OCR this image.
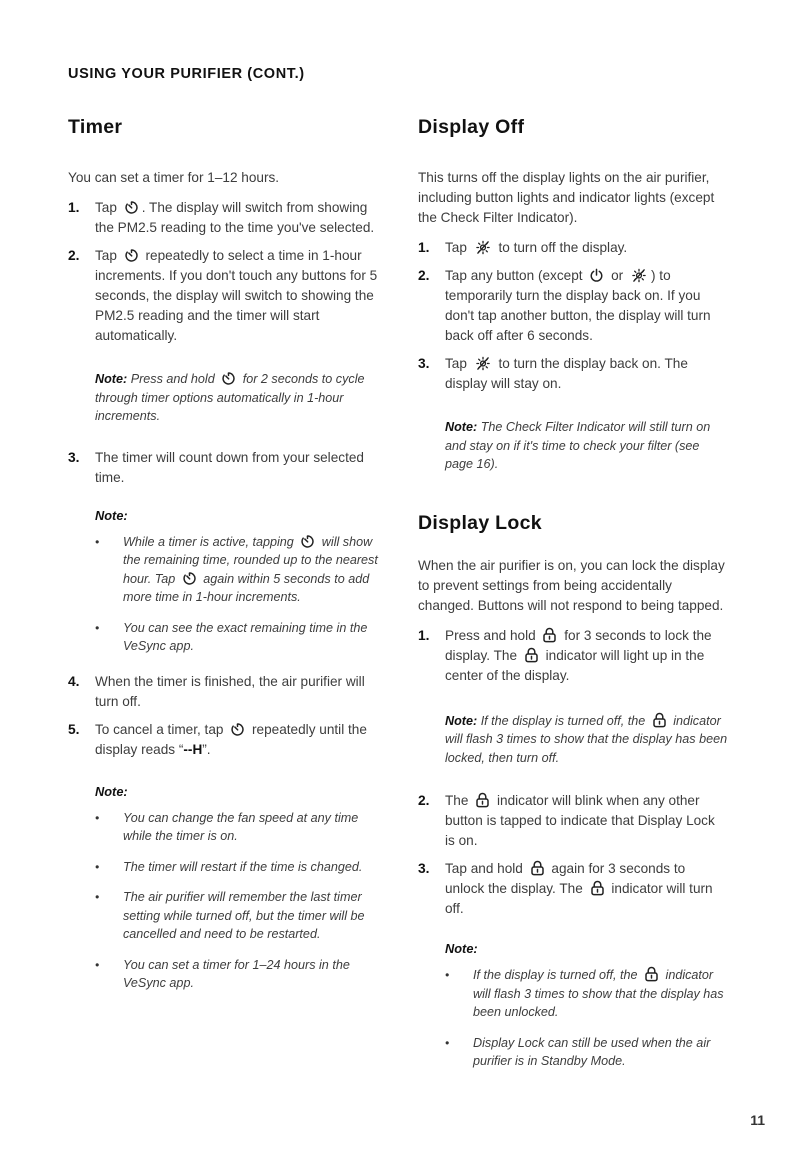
USING YOUR PURIFIER (CONT.)
Timer

You can set a timer for 1–12 hours.

1.	Tap . The display will switch from showing the PM2.5 reading to the time you've selected.
2.	Tap repeatedly to select a time in 1-hour increments. If you don't touch any buttons for 5 seconds, the display will switch to showing the PM2.5 reading and the timer will start automatically.
Note: Press and hold for 2 seconds to cycle through timer options automatically in 1-hour increments.
3.	The timer will count down from your selected time.
Note:
•	While a timer is active, tapping will show the remaining time, rounded up to the nearest hour. Tap again within 5 seconds to add more time in 1-hour increments.
•	You can see the exact remaining time in the VeSync app.
4.	When the timer is finished, the air purifier will turn off.
5.	To cancel a timer, tap repeatedly until the display reads “--H”.
Note:
•	You can change the fan speed at any time while the timer is on.
•	The timer will restart if the time is changed.
•	The air purifier will remember the last timer setting while turned off, but the timer will be cancelled and need to be restarted.
•	You can set a timer for 1–24 hours in the VeSync app.
Display Off

This turns off the display lights on the air purifier, including button lights and indicator lights (except the Check Filter Indicator).

1.	Tap to turn off the display.
2.	Tap any button (except or ) to temporarily turn the display back on. If you don't tap another button, the display will turn back off after 6 seconds.
3.	Tap to turn the display back on. The display will stay on.
Note: The Check Filter Indicator will still turn on and stay on if it's time to check your filter (see page 16).
Display Lock

When the air purifier is on, you can lock the display to prevent settings from being accidentally changed. Buttons will not respond to being tapped.

1.	Press and hold for 3 seconds to lock the display. The indicator will light up in the center of the display.
Note: If the display is turned off, the indicator will flash 3 times to show that the display has been locked, then turn off.
2.	The indicator will blink when any other button is tapped to indicate that Display Lock is on.
3.	Tap and hold again for 3 seconds to unlock the display. The indicator will turn off.
Note:
•	If the display is turned off, the indicator will flash 3 times to show that the display has been unlocked.
•	Display Lock can still be used when the air purifier is in Standby Mode.
11
